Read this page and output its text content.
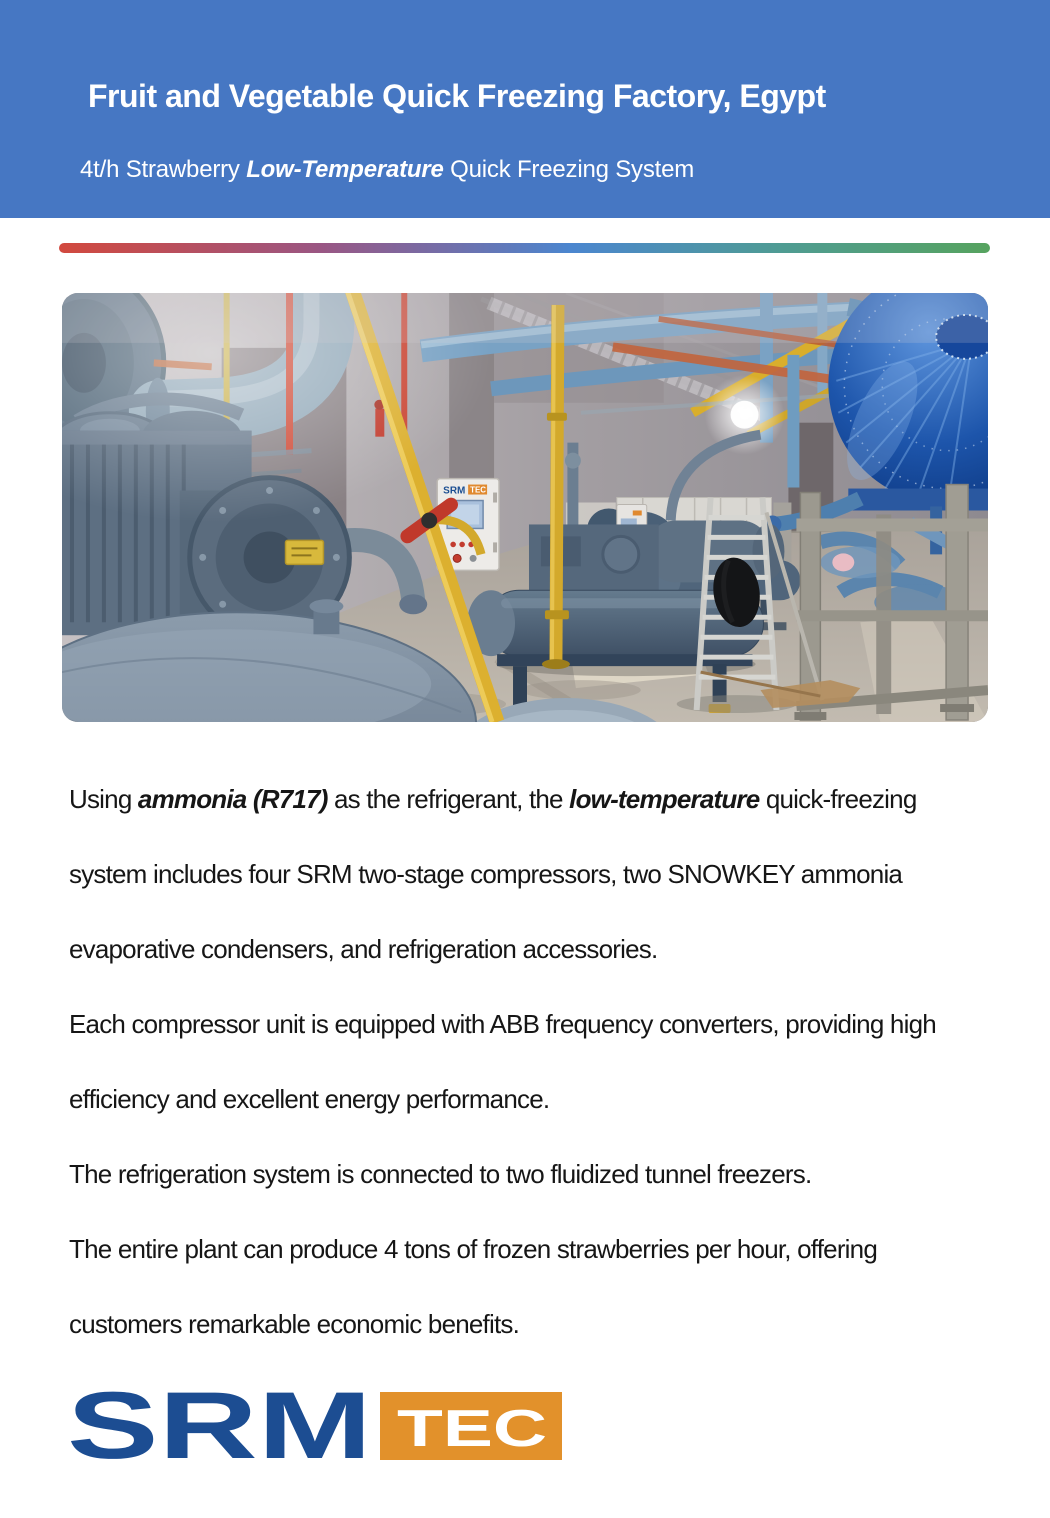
Fruit and Vegetable Quick Freezing Factory, Egypt

4t/h Strawberry Low-Temperature Quick Freezing System

SRM TEC
Using ammonia (R717) as the refrigerant, the low-temperature quick-freezing
system includes four SRM two-stage compressors, two SNOWKEY ammonia
evaporative condensers, and refrigeration accessories.
Each compressor unit is equipped with ABB frequency converters, providing high
efficiency and excellent energy performance.
The refrigeration system is connected to two fluidized tunnel freezers.
The entire plant can produce 4 tons of frozen strawberries per hour, offering
customers remarkable economic benefits.
SRM TEC
